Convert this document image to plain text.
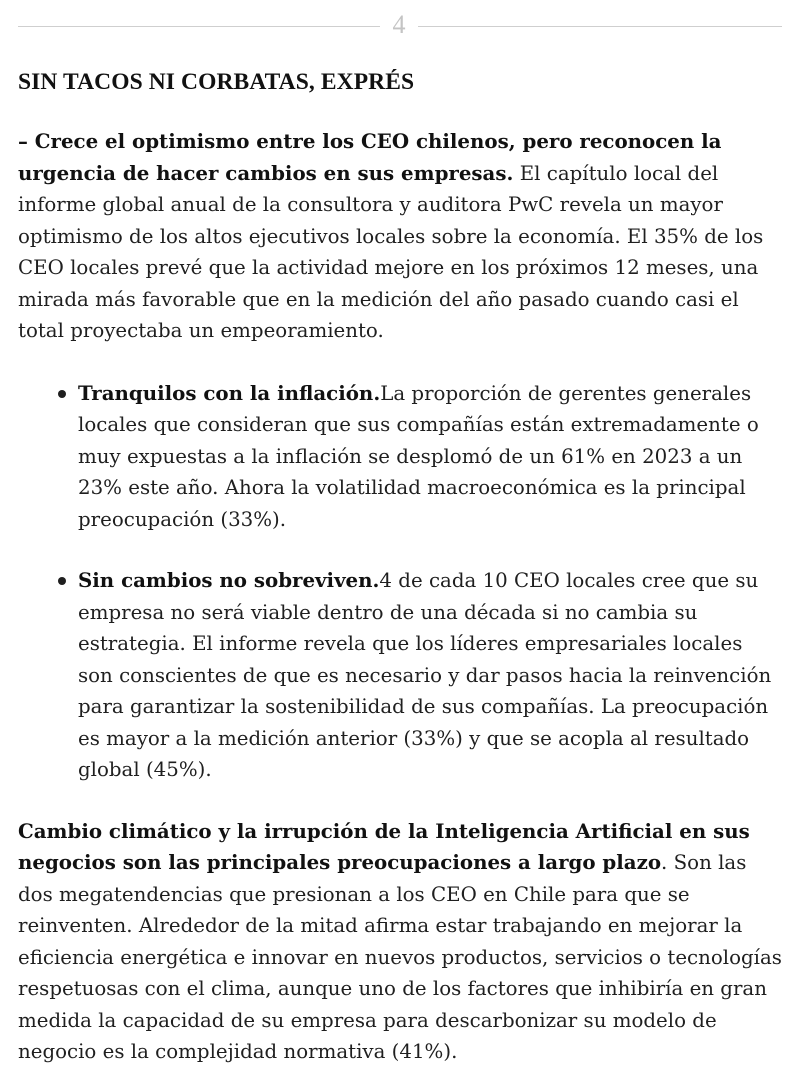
4
SIN TACOS NI CORBATAS, EXPRÉS

– Crece el optimismo entre los CEO chilenos, pero reconocen la urgencia de hacer cambios en sus empresas. El capítulo local del informe global anual de la consultora y auditora PwC revela un mayor optimismo de los altos ejecutivos locales sobre la economía. El 35% de los CEO locales prevé que la actividad mejore en los próximos 12 meses, una mirada más favorable que en la medición del año pasado cuando casi el total proyectaba un empeoramiento.

Tranquilos con la inflación.La proporción de gerentes generales locales que consideran que sus compañías están extremadamente o muy expuestas a la inflación se desplomó de un 61% en 2023 a un 23% este año. Ahora la volatilidad macroeconómica es la principal preocupación (33%).
Sin cambios no sobreviven.4 de cada 10 CEO locales cree que su empresa no será viable dentro de una década si no cambia su estrategia. El informe revela que los líderes empresariales locales son conscientes de que es necesario y dar pasos hacia la reinvención para garantizar la sostenibilidad de sus compañías. La preocupación es mayor a la medición anterior (33%) y que se acopla al resultado global (45%).

Cambio climático y la irrupción de la Inteligencia Artificial en sus negocios son las principales preocupaciones a largo plazo. Son las dos megatendencias que presionan a los CEO en Chile para que se reinventen. Alrededor de la mitad afirma estar trabajando en mejorar la eficiencia energética e innovar en nuevos productos, servicios o tecnologías respetuosas con el clima, aunque uno de los factores que inhibiría en gran medida la capacidad de su empresa para descarbonizar su modelo de negocio es la complejidad normativa (41%).
